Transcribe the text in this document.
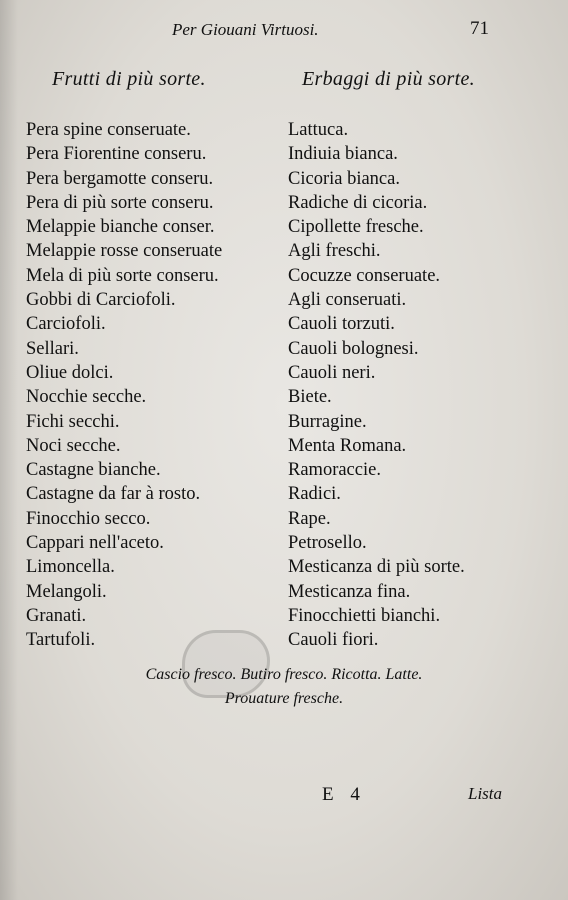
Per Giouani Virtuosi.	71
Frutti di più sorte.	Erbaggi di più sorte.
Pera spine conseruate.
Pera Fiorentine conseru.
Pera bergamotte conseru.
Pera di più sorte conseru.
Melappie bianche conser.
Melappie rosse conseruate
Mela di più sorte conseru.
Gobbi di Carciofoli.
Carciofoli.
Sellari.
Oliue dolci.
Nocchie secche.
Fichi secchi.
Noci secche.
Castagne bianche.
Castagne da far à rosto.
Finocchio secco.
Cappari nell'aceto.
Limoncella.
Melangoli.
Granati.
Tartufoli.
Lattuca.
Indiuia bianca.
Cicoria bianca.
Radiche di cicoria.
Cipollette fresche.
Agli freschi.
Cocuzze conseruate.
Agli conseruati.
Cauoli torzuti.
Cauoli bolognesi.
Cauoli neri.
Biete.
Burragine.
Menta Romana.
Ramoraccie.
Radici.
Rape.
Petrosello.
Mesticanza di più sorte.
Mesticanza fina.
Finocchietti bianchi.
Cauoli fiori.
Cascio fresco. Butiro fresco. Ricotta. Latte.
Prouature fresche.
E 4	Lista
